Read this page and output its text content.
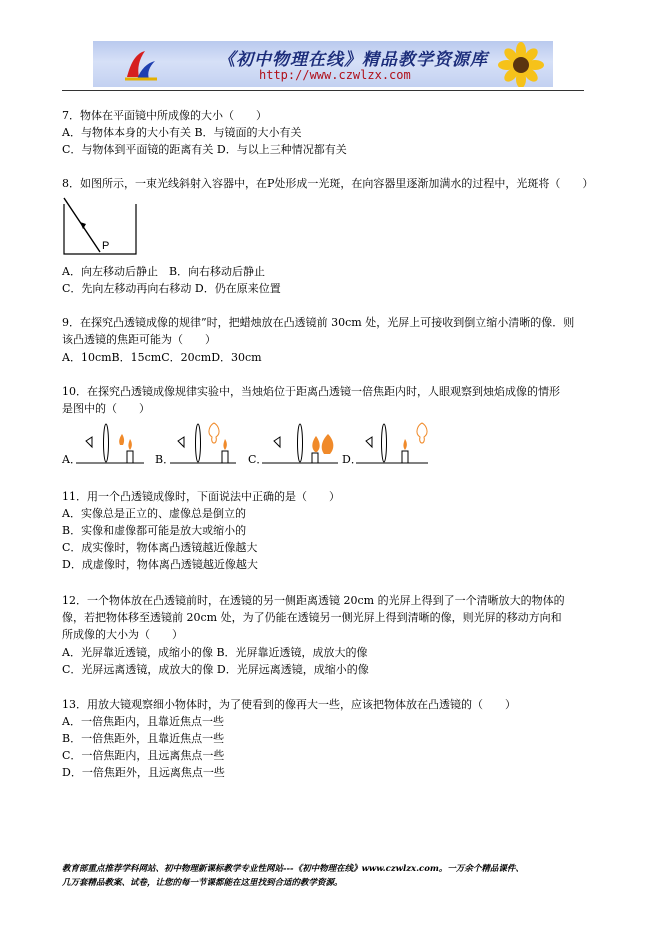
《初中物理在线》精品教学资源库
http://www.czwlzx.com
7．物体在平面镜中所成像的大小（　　）
A．与物体本身的大小有关 B．与镜面的大小有关
C．与物体到平面镜的距离有关 D．与以上三种情况都有关
8．如图所示，一束光线斜射入容器中，在P处形成一光斑，在向容器里逐渐加满水的过程中，光斑将（　　）
P
A．向左移动后静止　B．向右移动后静止
C．先向左移动再向右移动 D．仍在原来位置
9．在探究凸透镜成像的规律”时，把蜡烛放在凸透镜前 30cm 处，光屏上可接收到倒立缩小清晰的像．则
该凸透镜的焦距可能为（　　）
A．10cmB．15cmC．20cmD．30cm
10．在探究凸透镜成像规律实验中，当烛焰位于距离凸透镜一倍焦距内时，人眼观察到烛焰成像的情形
是图中的（　　）
A．	B．	C．	D．
11．用一个凸透镜成像时，下面说法中正确的是（　　）
A．实像总是正立的、虚像总是倒立的
B．实像和虚像都可能是放大或缩小的
C．成实像时，物体离凸透镜越近像越大
D．成虚像时，物体离凸透镜越近像越大
12．一个物体放在凸透镜前时，在透镜的另一侧距离透镜 20cm 的光屏上得到了一个清晰放大的物体的
像，若把物体移至透镜前 20cm 处，为了仍能在透镜另一侧光屏上得到清晰的像，则光屏的移动方向和
所成像的大小为（　　）
A．光屏靠近透镜，成缩小的像 B．光屏靠近透镜，成放大的像
C．光屏远离透镜，成放大的像 D．光屏远离透镜，成缩小的像
13．用放大镜观察细小物体时，为了使看到的像再大一些，应该把物体放在凸透镜的（　　）
A．一倍焦距内，且靠近焦点一些
B．一倍焦距外，且靠近焦点一些
C．一倍焦距内，且远离焦点一些
D．一倍焦距外，且远离焦点一些
教育部重点推荐学科网站、初中物理新课标教学专业性网站---《初中物理在线》www.czwlzx.com。一万余个精品课件、
几万套精品教案、试卷，让您的每一节课都能在这里找到合适的教学资源。
